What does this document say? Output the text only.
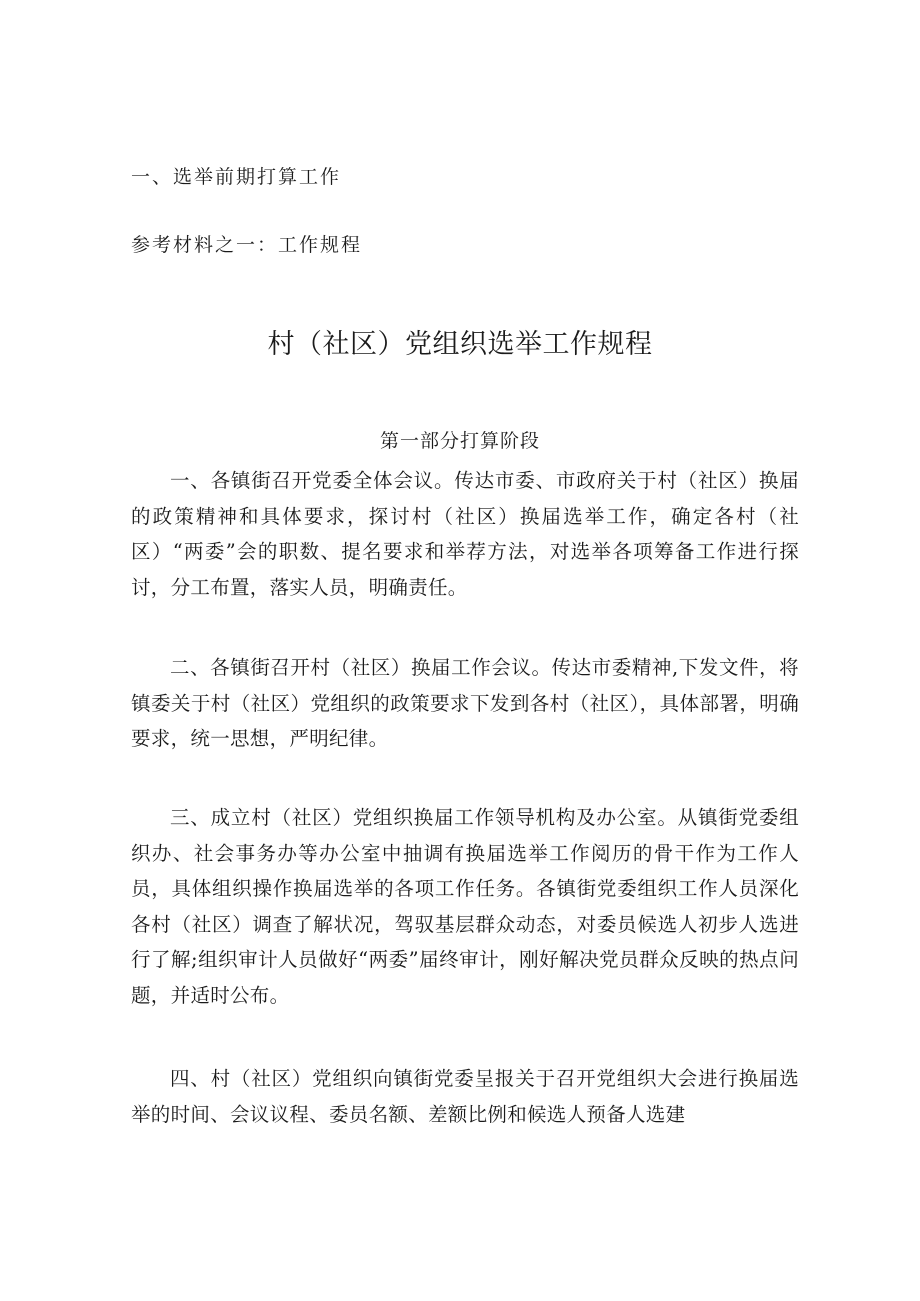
一、选举前期打算工作
参考材料之一：工作规程
村（社区）党组织选举工作规程
第一部分打算阶段

一、各镇街召开党委全体会议。传达市委、市政府关于村（社区）换届的政策精神和具体要求，探讨村（社区）换届选举工作，确定各村（社区）“两委”会的职数、提名要求和举荐方法，对选举各项筹备工作进行探讨，分工布置，落实人员，明确责任。

二、各镇街召开村（社区）换届工作会议。传达市委精神,下发文件，将镇委关于村（社区）党组织的政策要求下发到各村（社区），具体部署，明确要求，统一思想，严明纪律。

三、成立村（社区）党组织换届工作领导机构及办公室。从镇街党委组织办、社会事务办等办公室中抽调有换届选举工作阅历的骨干作为工作人员，具体组织操作换届选举的各项工作任务。各镇街党委组织工作人员深化各村（社区）调查了解状况，驾驭基层群众动态，对委员候选人初步人选进行了解;组织审计人员做好“两委”届终审计，刚好解决党员群众反映的热点问题，并适时公布。

四、村（社区）党组织向镇街党委呈报关于召开党组织大会进行换届选举的时间、会议议程、委员名额、差额比例和候选人预备人选建
